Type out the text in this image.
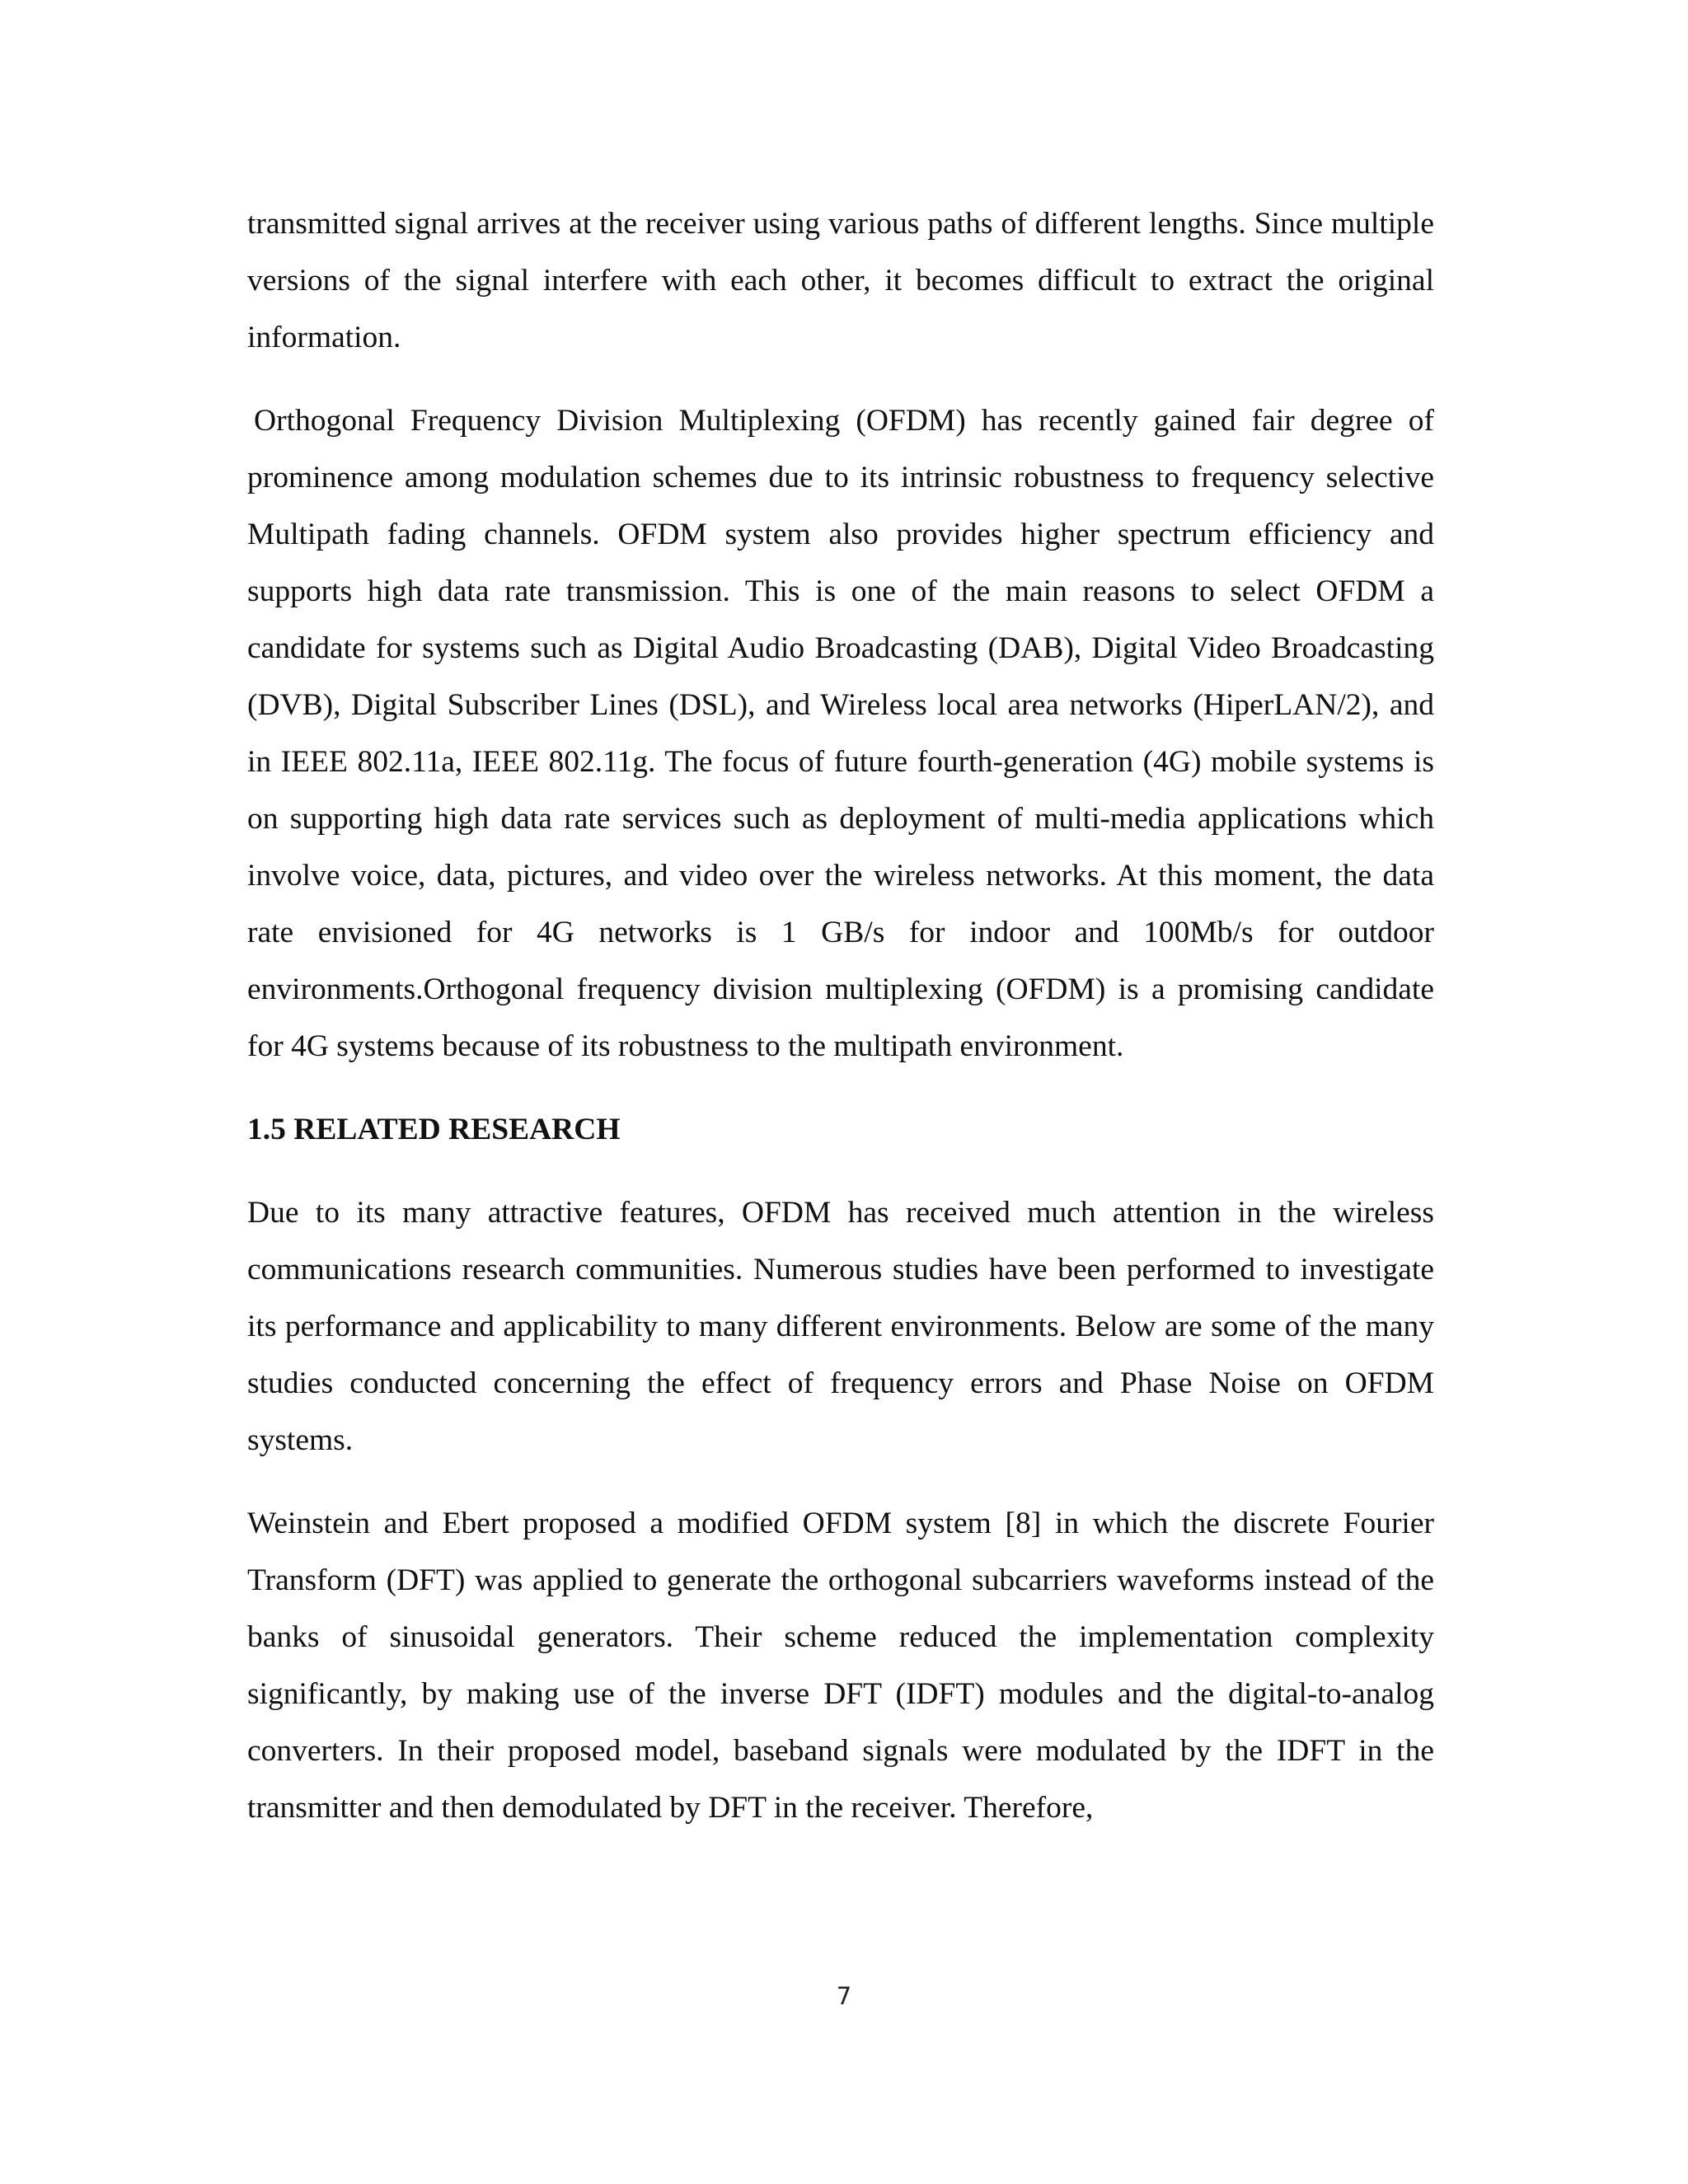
transmitted signal arrives at the receiver using various paths of different lengths. Since multiple versions of the signal interfere with each other, it becomes difficult to extract the original information.

Orthogonal Frequency Division Multiplexing (OFDM) has recently gained fair degree of prominence among modulation schemes due to its intrinsic robustness to frequency selective Multipath fading channels. OFDM system also provides higher spectrum efficiency and supports high data rate transmission. This is one of the main reasons to select OFDM a candidate for systems such as Digital Audio Broadcasting (DAB), Digital Video Broadcasting (DVB), Digital Subscriber Lines (DSL), and Wireless local area networks (HiperLAN/2), and in IEEE 802.11a, IEEE 802.11g. The focus of future fourth-generation (4G) mobile systems is on supporting high data rate services such as deployment of multi-media applications which involve voice, data, pictures, and video over the wireless networks. At this moment, the data rate envisioned for 4G networks is 1 GB/s for indoor and 100Mb/s for outdoor environments.Orthogonal frequency division multiplexing (OFDM) is a promising candidate for 4G systems because of its robustness to the multipath environment.

1.5 RELATED RESEARCH

Due to its many attractive features, OFDM has received much attention in the wireless communications research communities. Numerous studies have been performed to investigate its performance and applicability to many different environments. Below are some of the many studies conducted concerning the effect of frequency errors and Phase Noise on OFDM systems.

Weinstein and Ebert proposed a modified OFDM system [8] in which the discrete Fourier Transform (DFT) was applied to generate the orthogonal subcarriers waveforms instead of the banks of sinusoidal generators. Their scheme reduced the implementation complexity significantly, by making use of the inverse DFT (IDFT) modules and the digital-to-analog converters. In their proposed model, baseband signals were modulated by the IDFT in the transmitter and then demodulated by DFT in the receiver. Therefore,

7
